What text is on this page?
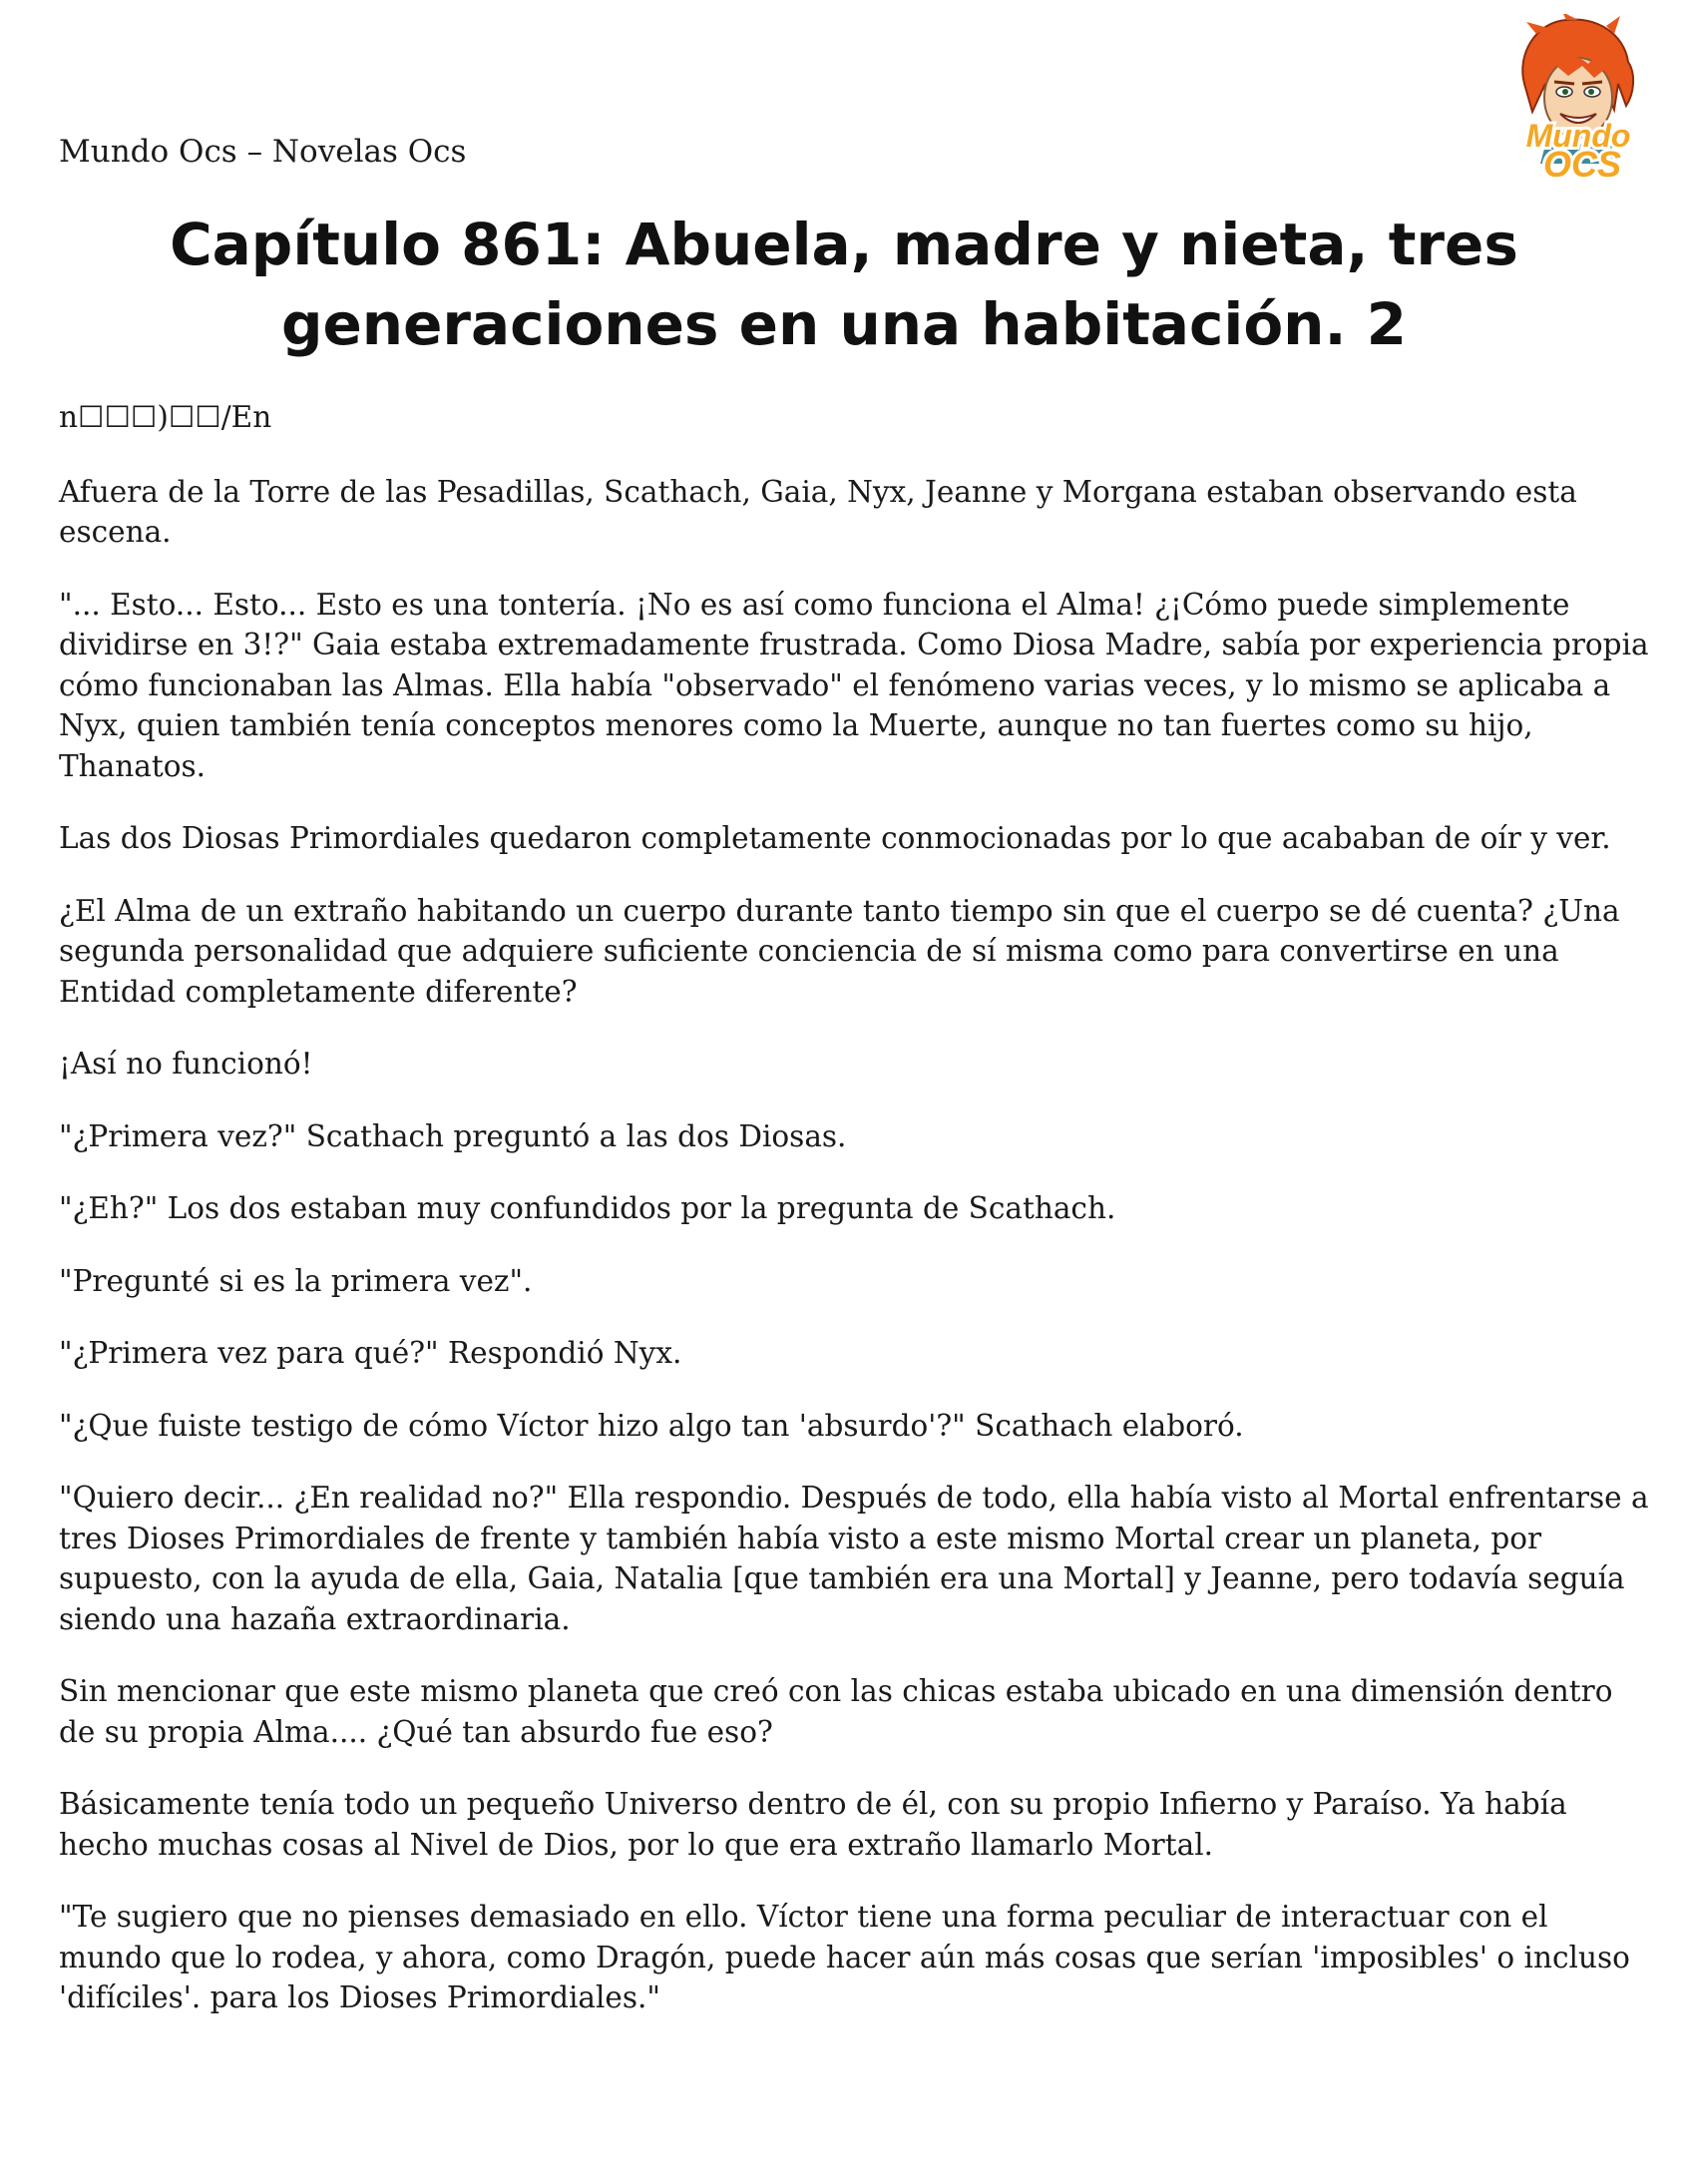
Mundo
OCS
Mundo Ocs – Novelas Ocs
Capítulo 861: Abuela, madre y nieta, tres generaciones en una habitación. 2

n☐☐☐)☐☐/En

Afuera de la Torre de las Pesadillas, Scathach, Gaia, Nyx, Jeanne y Morgana estaban observando esta escena.

"... Esto... Esto... Esto es una tontería. ¡No es así como funciona el Alma! ¿¡Cómo puede simplemente dividirse en 3!?" Gaia estaba extremadamente frustrada. Como Diosa Madre, sabía por experiencia propia cómo funcionaban las Almas. Ella había "observado" el fenómeno varias veces, y lo mismo se aplicaba a Nyx, quien también tenía conceptos menores como la Muerte, aunque no tan fuertes como su hijo, Thanatos.

Las dos Diosas Primordiales quedaron completamente conmocionadas por lo que acababan de oír y ver.

¿El Alma de un extraño habitando un cuerpo durante tanto tiempo sin que el cuerpo se dé cuenta? ¿Una segunda personalidad que adquiere suficiente conciencia de sí misma como para convertirse en una Entidad completamente diferente?

¡Así no funcionó!

"¿Primera vez?" Scathach preguntó a las dos Diosas.

"¿Eh?" Los dos estaban muy confundidos por la pregunta de Scathach.

"Pregunté si es la primera vez".

"¿Primera vez para qué?" Respondió Nyx.

"¿Que fuiste testigo de cómo Víctor hizo algo tan 'absurdo'?" Scathach elaboró.

"Quiero decir... ¿En realidad no?" Ella respondio. Después de todo, ella había visto al Mortal enfrentarse a tres Dioses Primordiales de frente y también había visto a este mismo Mortal crear un planeta, por supuesto, con la ayuda de ella, Gaia, Natalia [que también era una Mortal] y Jeanne, pero todavía seguía siendo una hazaña extraordinaria.

Sin mencionar que este mismo planeta que creó con las chicas estaba ubicado en una dimensión dentro de su propia Alma.... ¿Qué tan absurdo fue eso?

Básicamente tenía todo un pequeño Universo dentro de él, con su propio Infierno y Paraíso. Ya había hecho muchas cosas al Nivel de Dios, por lo que era extraño llamarlo Mortal.

"Te sugiero que no pienses demasiado en ello. Víctor tiene una forma peculiar de interactuar con el mundo que lo rodea, y ahora, como Dragón, puede hacer aún más cosas que serían 'imposibles' o incluso 'difíciles'. para los Dioses Primordiales."
